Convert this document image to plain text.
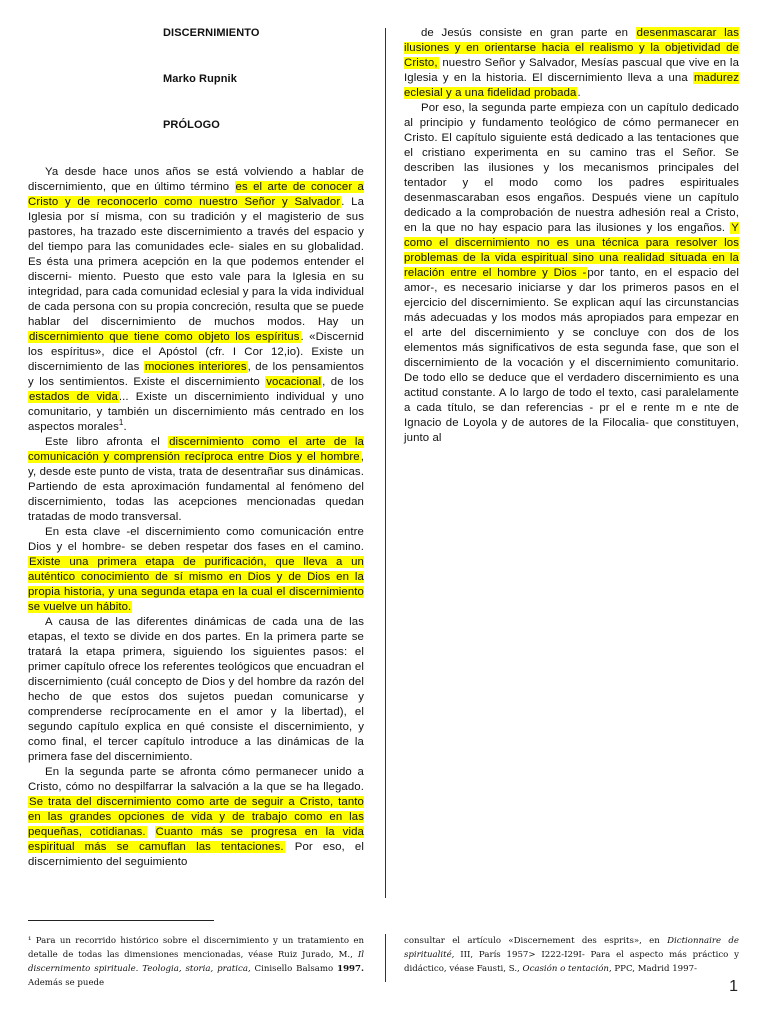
DISCERNIMIENTO
Marko Rupnik
PRÓLOGO

Ya desde hace unos años se está volviendo a hablar de discernimiento, que en último término es el arte de conocer a Cristo y de reconocerlo como nuestro Señor y Salvador. La Iglesia por sí misma, con su tradición y el magisterio de sus pastores, ha trazado este discernimiento a través del espacio y del tiempo para las comunidades ecle- siales en su globalidad. Es ésta una primera acepción en la que podemos entender el discerni- miento. Puesto que esto vale para la Iglesia en su integridad, para cada comunidad eclesial y para la vida individual de cada persona con su propia concreción, resulta que se puede hablar del discernimiento de muchos modos. Hay un discernimiento que tiene como objeto los espíritus. «Discernid los espíritus», dice el Apóstol (cfr. I Cor 12,io). Existe un discernimiento de las mociones interiores, de los pensamientos y los sentimientos. Existe el discernimiento vocacional, de los estados de vida... Existe un discernimiento individual y uno comunitario, y también un discernimiento más centrado en los aspectos morales$^1$.

Este libro afronta el discernimiento como el arte de la comunicación y comprensión recíproca entre Dios y el hombre, y, desde este punto de vista, trata de desentrañar sus dinámicas. Partiendo de esta aproximación fundamental al fenómeno del discernimiento, todas las acepciones mencionadas quedan tratadas de modo transversal.

En esta clave -el discernimiento como comunicación entre Dios y el hombre- se deben respetar dos fases en el camino. Existe una primera etapa de purificación, que lleva a un auténtico conocimiento de sí mismo en Dios y de Dios en la propia historia, y una segunda etapa en la cual el discernimiento se vuelve un hábito.

A causa de las diferentes dinámicas de cada una de las etapas, el texto se divide en dos partes. En la primera parte se tratará la etapa primera, siguiendo los siguientes pasos: el primer capítulo ofrece los referentes teológicos que encuadran el discernimiento (cuál concepto de Dios y del hombre da razón del hecho de que estos dos sujetos puedan comunicarse y comprenderse recíprocamente en el amor y la libertad), el segundo capítulo explica en qué consiste el discernimiento, y como final, el tercer capítulo introduce a las dinámicas de la primera fase del discernimiento.

En la segunda parte se afronta cómo permanecer unido a Cristo, cómo no despilfarrar la salvación a la que se ha llegado. Se trata del discernimiento como arte de seguir a Cristo, tanto en las grandes opciones de vida y de trabajo como en las pequeñas, cotidianas. Cuanto más se progresa en la vida espiritual más se camuflan las tentaciones. Por eso, el discernimiento del seguimiento

de Jesús consiste en gran parte en desenmascarar las ilusiones y en orientarse hacia el realismo y la objetividad de Cristo, nuestro Señor y Salvador, Mesías pascual que vive en la Iglesia y en la historia. El discernimiento lleva a una madurez eclesial y a una fidelidad probada.

Por eso, la segunda parte empieza con un capítulo dedicado al principio y fundamento teológico de cómo permanecer en Cristo. El capítulo siguiente está dedicado a las tentaciones que el cristiano experimenta en su camino tras el Señor. Se describen las ilusiones y los mecanismos principales del tentador y el modo como los padres espirituales desenmascaraban esos engaños. Después viene un capítulo dedicado a la comprobación de nuestra adhesión real a Cristo, en la que no hay espacio para las ilusiones y los engaños. Y como el discernimiento no es una técnica para resolver los problemas de la vida espiritual sino una realidad situada en la relación entre el hombre y Dios -por tanto, en el espacio del amor-, es necesario iniciarse y dar los primeros pasos en el ejercicio del discernimiento. Se explican aquí las circunstancias más adecuadas y los modos más apropiados para empezar en el arte del discernimiento y se concluye con dos de los elementos más significativos de esta segunda fase, que son el discernimiento de la vocación y el discernimiento comunitario. De todo ello se deduce que el verdadero discernimiento es una actitud constante. A lo largo de todo el texto, casi paralelamente a cada título, se dan referencias - pr el e rente m e nte de Ignacio de Loyola y de autores de la Filocalia- que constituyen, junto al

¹ Para un recorrido histórico sobre el discernimiento y un tratamiento en detalle de todas las dimensiones mencionadas, véase Ruiz Jurado, M., Il discernimento spirituale. Teologia, storia, pratica, Cinisello Balsamo 1997. Además se puede
consultar el artículo «Discernement des esprits», en Dictionnaire de spiritualité, III, París 1957> I222-I29I- Para el aspecto más práctico y didáctico, véase Fausti, S., Ocasión o tentación, PPC, Madrid 1997-
1
